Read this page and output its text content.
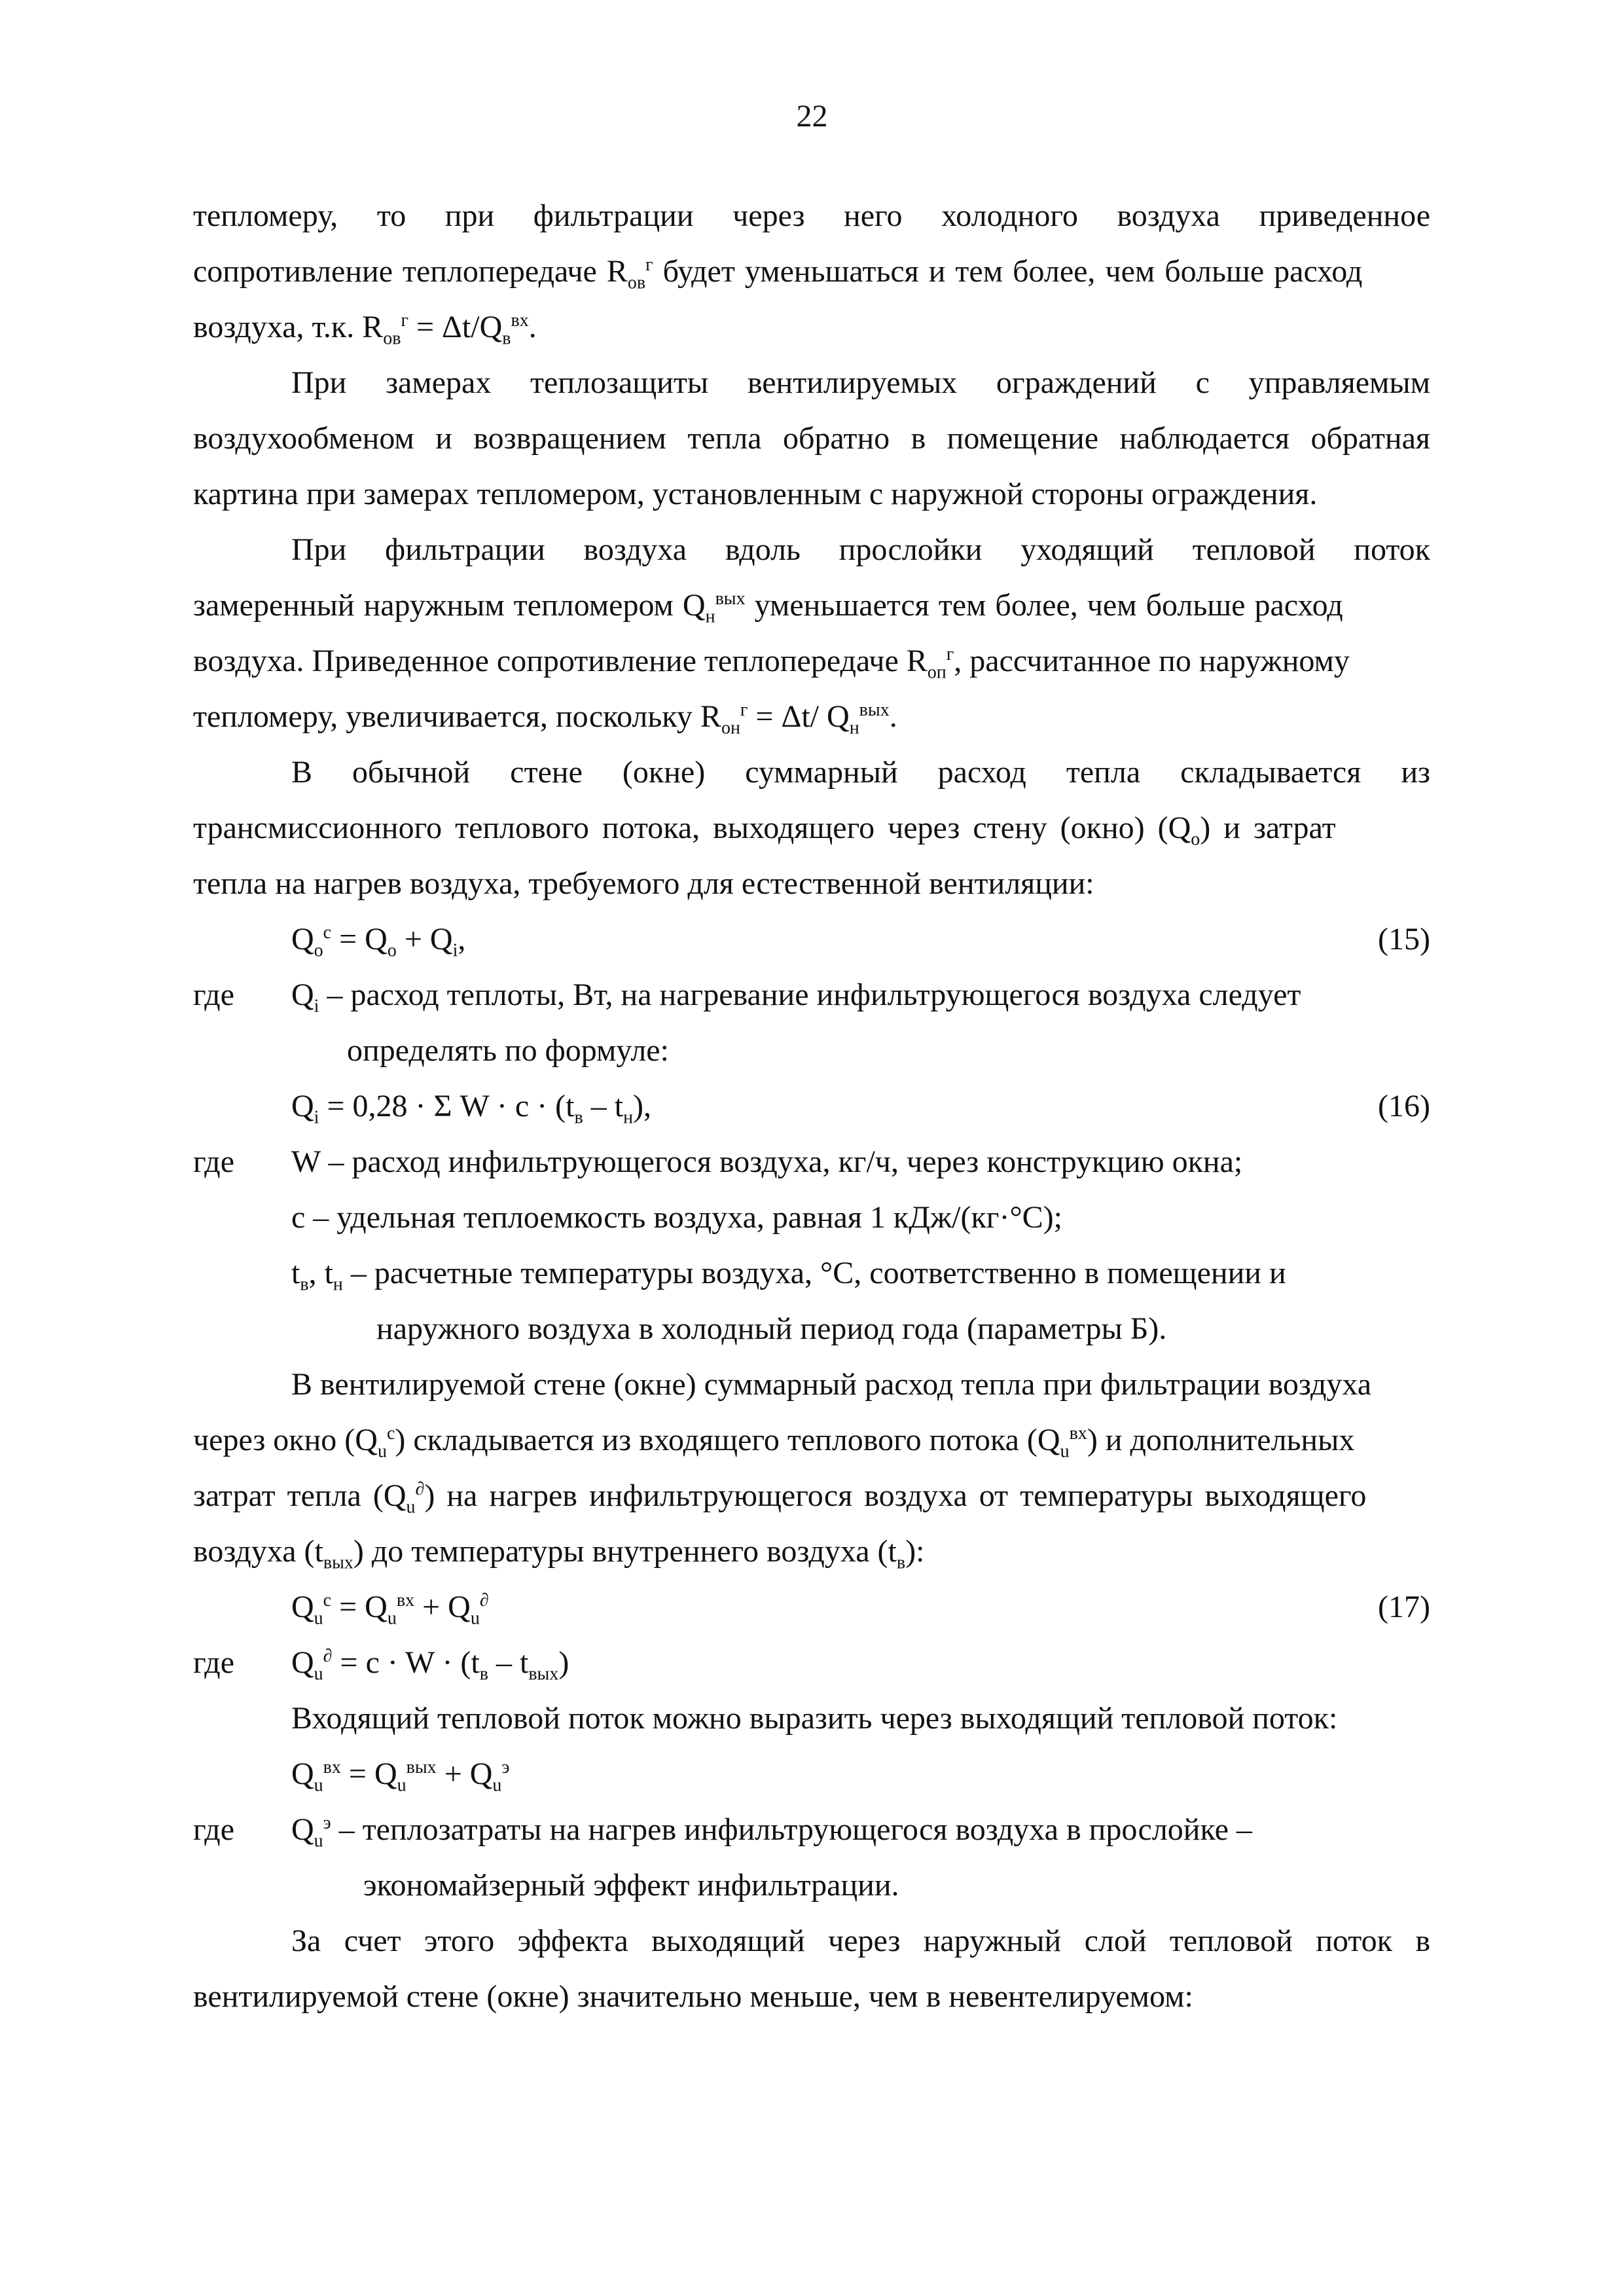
22
тепломеру, то при фильтрации через него холодного воздуха приведенное
сопротивление теплопередаче $R_{ов}^г$ будет уменьшаться и тем более, чем больше расход
воздуха, т.к. $R_{ов}^г = \Delta t/Q_в^{вх}$.
При замерах теплозащиты вентилируемых ограждений с управляемым
воздухообменом и возвращением тепла обратно в помещение наблюдается обратная
картина при замерах тепломером, установленным с наружной стороны ограждения.
При фильтрации воздуха вдоль прослойки уходящий тепловой поток
замеренный наружным тепломером $Q_н^{вых}$ уменьшается тем более, чем больше расход
воздуха. Приведенное сопротивление теплопередаче $R_{оп}^г$, рассчитанное по наружному
тепломеру, увеличивается, поскольку $R_{он}^г = \Delta t/$ $Q_н^{вых}$.
В обычной стене (окне) суммарный расход тепла складывается из
трансмиссионного теплового потока, выходящего через стену (окно) $(Q_о)$ и затрат
тепла на нагрев воздуха, требуемого для естественной вентиляции:
$Q_о^с = Q_о + Q_i$,	(15)
где $Q_i$ – расход теплоты, Вт, на нагревание инфильтрующегося воздуха следует
определять по формуле:
$Q_i = 0,28 \cdot \Sigma$ $W \cdot c \cdot (t_в - t_н)$,	(16)
где W – расход инфильтрующегося воздуха, кг/ч, через конструкцию окна;
c – удельная теплоемкость воздуха, равная 1 кДж/(кг·°С);
$t_в$, $t_н$ – расчетные температуры воздуха, °С, соответственно в помещении и
наружного воздуха в холодный период года (параметры Б).
В вентилируемой стене (окне) суммарный расход тепла при фильтрации воздуха
через окно $(Q_u^с)$ складывается из входящего теплового потока $(Q_u^{вх})$ и дополнительных
затрат тепла $(Q_u^\partial)$ на нагрев инфильтрующегося воздуха от температуры выходящего
воздуха $(t_{вых})$ до температуры внутреннего воздуха $(t_в)$:
$Q_u^с = Q_u^{вх} + Q_u^\partial$	(17)
где $Q_u^\partial = c \cdot W \cdot (t_в - t_{вых})$
Входящий тепловой поток можно выразить через выходящий тепловой поток:
$Q_u^{вх} = Q_u^{вых} + Q_u^э$
где $Q_u^э$ – теплозатраты на нагрев инфильтрующегося воздуха в прослойке –
экономайзерный эффект инфильтрации.
За счет этого эффекта выходящий через наружный слой тепловой поток в
вентилируемой стене (окне) значительно меньше, чем в невентелируемом:
